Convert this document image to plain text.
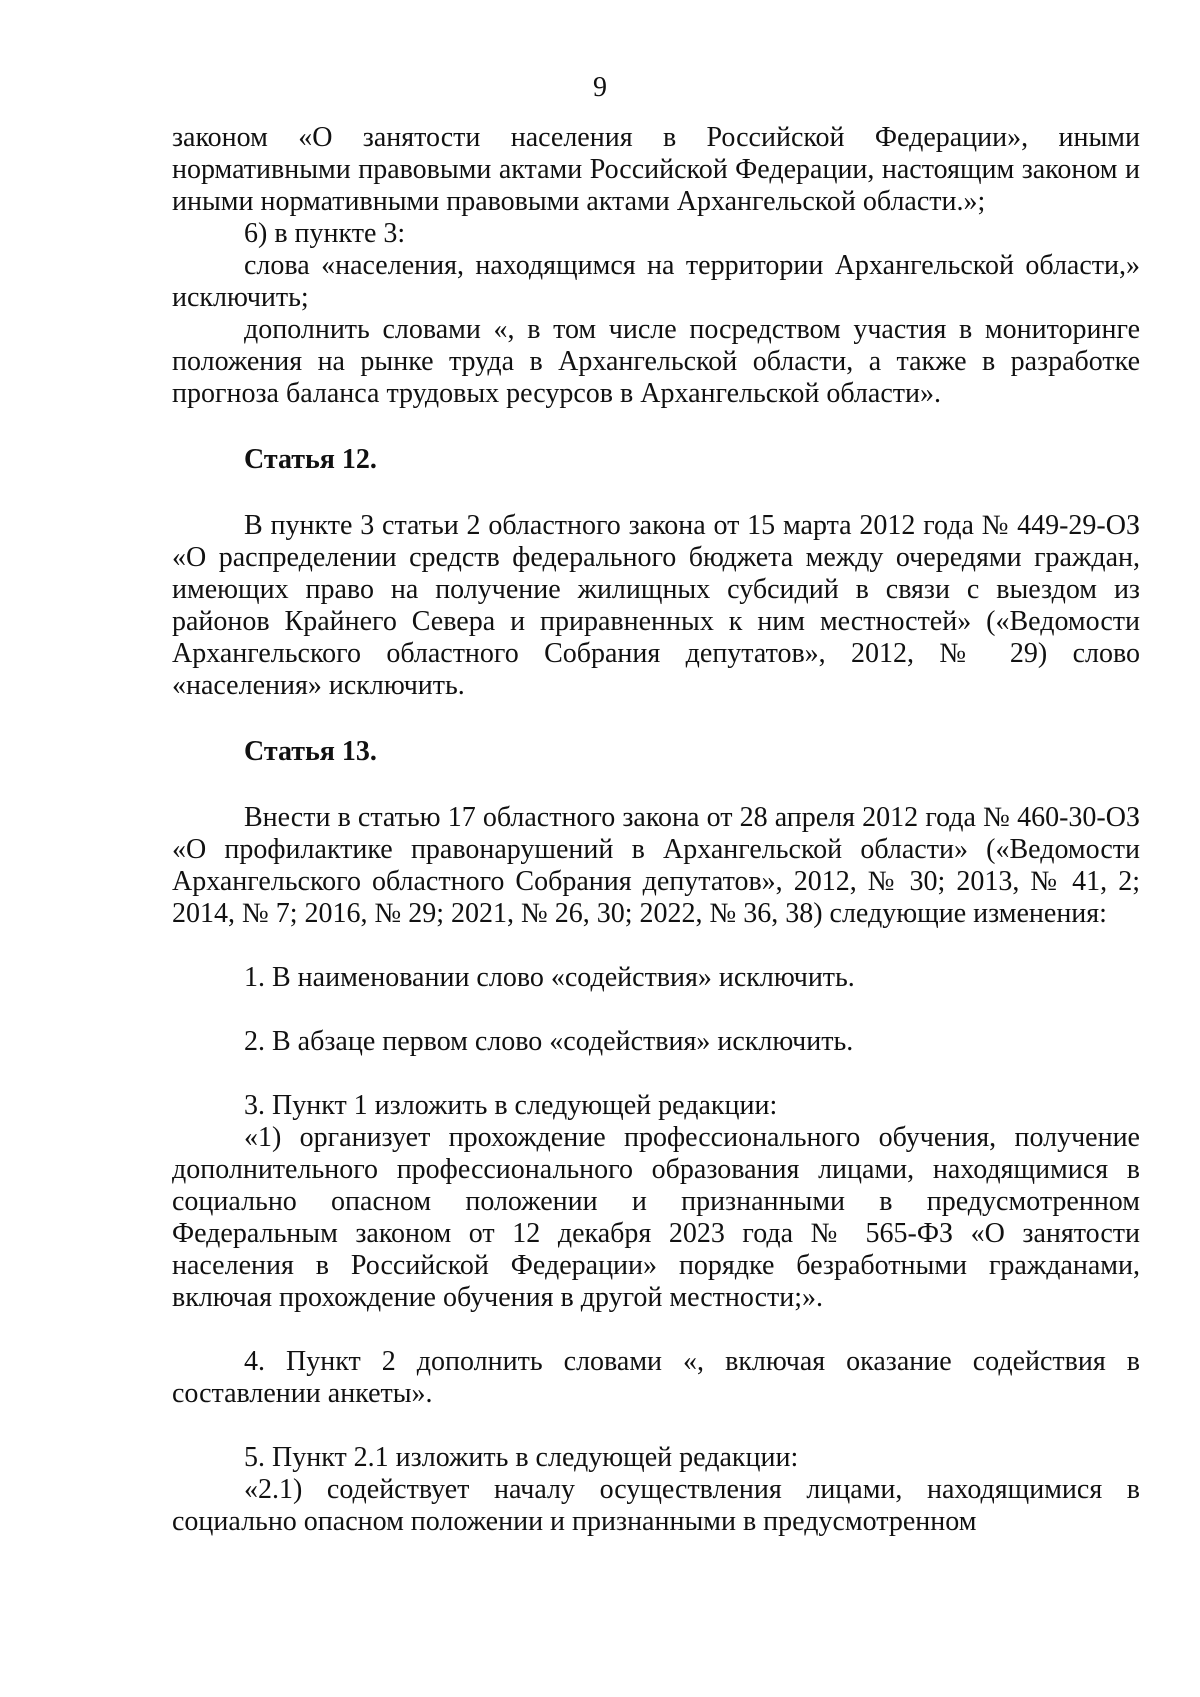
9

законом «О занятости населения в Российской Федерации», иными нормативными правовыми актами Российской Федерации, настоящим законом и иными нормативными правовыми актами Архангельской области.»;

6) в пункте 3:

слова «населения, находящимся на территории Архангельской области,» исключить;

дополнить словами «, в том числе посредством участия в мониторинге положения на рынке труда в Архангельской области, а также в разработке прогноза баланса трудовых ресурсов в Архангельской области».

Статья 12.

В пункте 3 статьи 2 областного закона от 15 марта 2012 года № 449-29-ОЗ «О распределении средств федерального бюджета между очередями граждан, имеющих право на получение жилищных субсидий в связи с выездом из районов Крайнего Севера и приравненных к ним местностей» («Ведомости Архангельского областного Собрания депутатов», 2012, № 29) слово «населения» исключить.

Статья 13.

Внести в статью 17 областного закона от 28 апреля 2012 года № 460-30-ОЗ «О профилактике правонарушений в Архангельской области» («Ведомости Архангельского областного Собрания депутатов», 2012, № 30; 2013, № 41, 2; 2014, № 7; 2016, № 29; 2021, № 26, 30; 2022, № 36, 38) следующие изменения:

1. В наименовании слово «содействия» исключить.

2. В абзаце первом слово «содействия» исключить.

3. Пункт 1 изложить в следующей редакции:

«1) организует прохождение профессионального обучения, получение дополнительного профессионального образования лицами, находящимися в социально опасном положении и признанными в предусмотренном Федеральным законом от 12 декабря 2023 года № 565-ФЗ «О занятости населения в Российской Федерации» порядке безработными гражданами, включая прохождение обучения в другой местности;».

4. Пункт 2 дополнить словами «, включая оказание содействия в составлении анкеты».

5. Пункт 2.1 изложить в следующей редакции:

«2.1) содействует началу осуществления лицами, находящимися в социально опасном положении и признанными в предусмотренном
